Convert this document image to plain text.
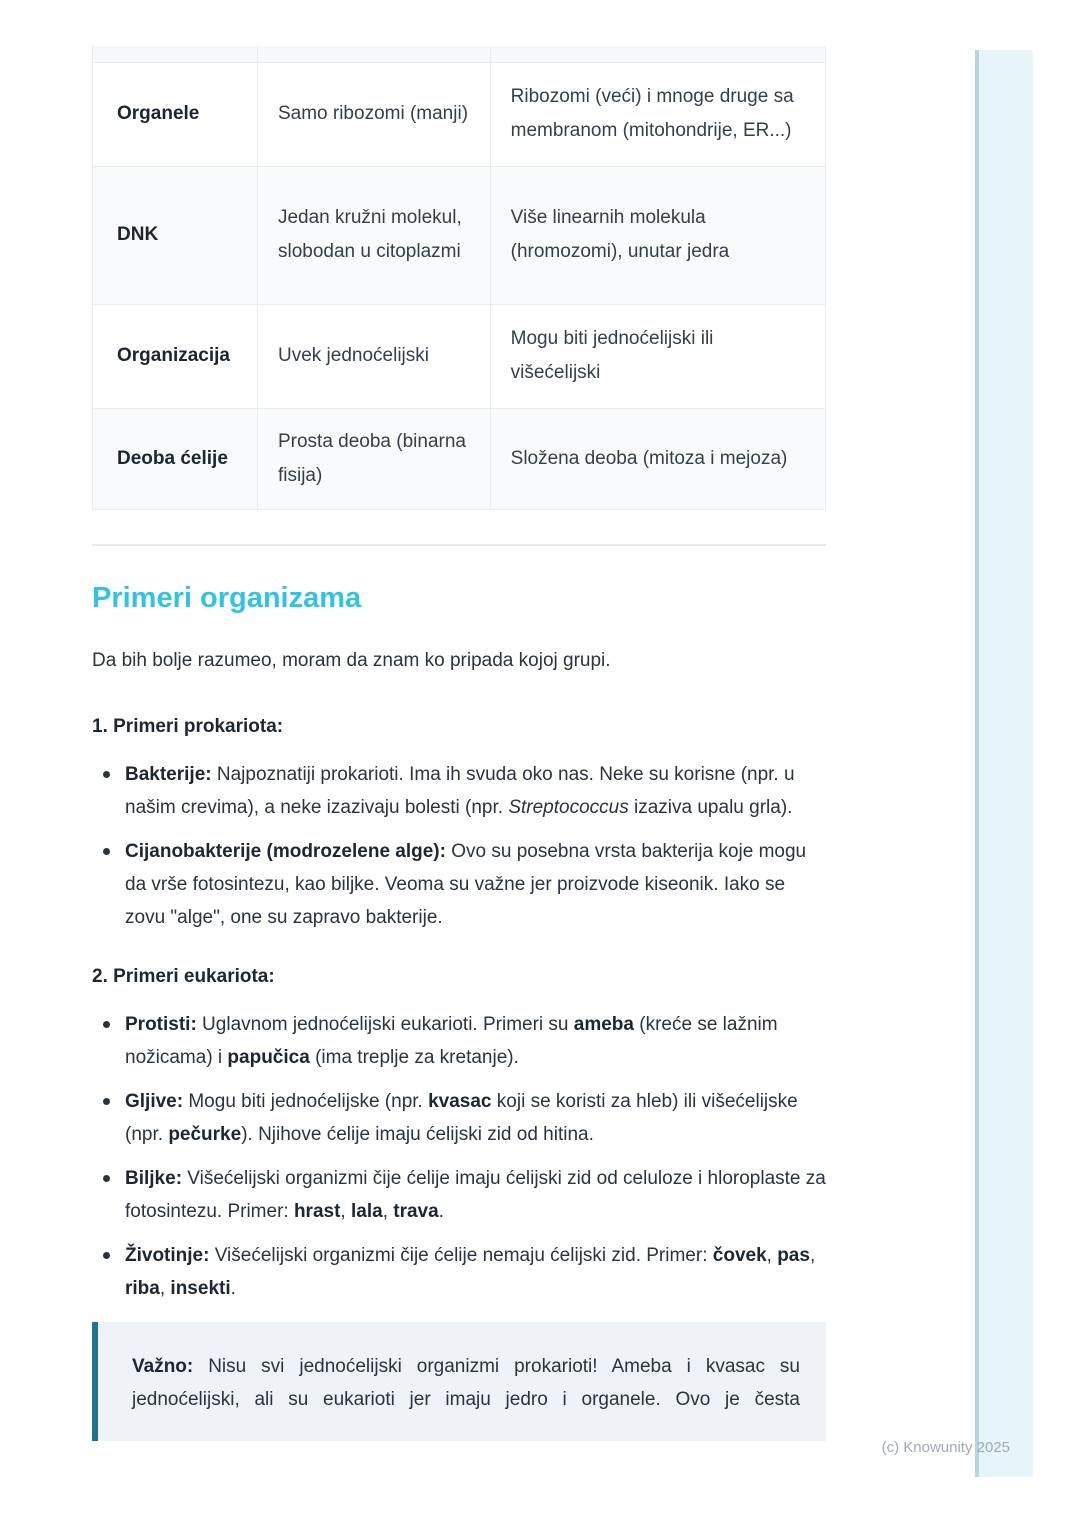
Organele	Samo ribozomi (manji)	Ribozomi (veći) i mnoge druge sa membranom (mitohondrije, ER...)
DNK	Jedan kružni molekul, slobodan u citoplazmi	Više linearnih molekula (hromozomi), unutar jedra
Organizacija	Uvek jednoćelijski	Mogu biti jednoćelijski ili višećelijski
Deoba ćelije	Prosta deoba (binarna fisija)	Složena deoba (mitoza i mejoza)
Primeri organizama

Da bih bolje razumeo, moram da znam ko pripada kojoj grupi.

1. Primeri prokariota:

Bakterije: Najpoznatiji prokarioti. Ima ih svuda oko nas. Neke su korisne (npr. u našim crevima), a neke izazivaju bolesti (npr. Streptococcus izaziva upalu grla).

Cijanobakterije (modrozelene alge): Ovo su posebna vrsta bakterija koje mogu da vrše fotosintezu, kao biljke. Veoma su važne jer proizvode kiseonik. Iako se zovu "alge", one su zapravo bakterije.

2. Primeri eukariota:

Protisti: Uglavnom jednoćelijski eukarioti. Primeri su ameba (kreće se lažnim nožicama) i papučica (ima treplje za kretanje).

Gljive: Mogu biti jednoćelijske (npr. kvasac koji se koristi za hleb) ili višećelijske (npr. pečurke). Njihove ćelije imaju ćelijski zid od hitina.

Biljke: Višećelijski organizmi čije ćelije imaju ćelijski zid od celuloze i hloroplaste za fotosintezu. Primer: hrast, lala, trava.

Životinje: Višećelijski organizmi čije ćelije nemaju ćelijski zid. Primer: čovek, pas, riba, insekti.

Važno: Nisu svi jednoćelijski organizmi prokarioti! Ameba i kvasac su jednoćelijski, ali su eukarioti jer imaju jedro i organele. Ovo je česta

(c) Knowunity 2025
